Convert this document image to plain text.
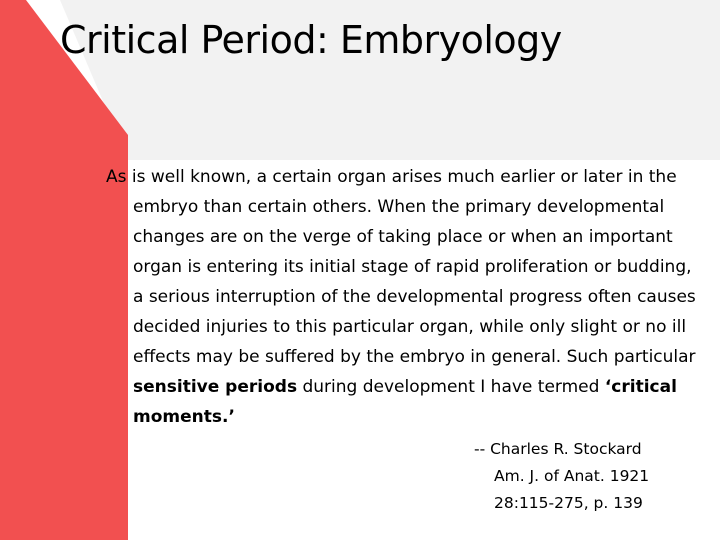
Critical Period: Embryology

As is well known, a certain organ arises much earlier or later in the embryo than certain others. When the primary developmental changes are on the verge of taking place or when an important organ is entering its initial stage of rapid proliferation or budding, a serious interruption of the developmental progress often causes decided injuries to this particular organ, while only slight or no ill effects may be suffered by the embryo in general. Such particular sensitive periods during development I have termed ‘critical moments.’

-- Charles R. Stockard
Am. J. of Anat. 1921
28:115-275, p. 139
